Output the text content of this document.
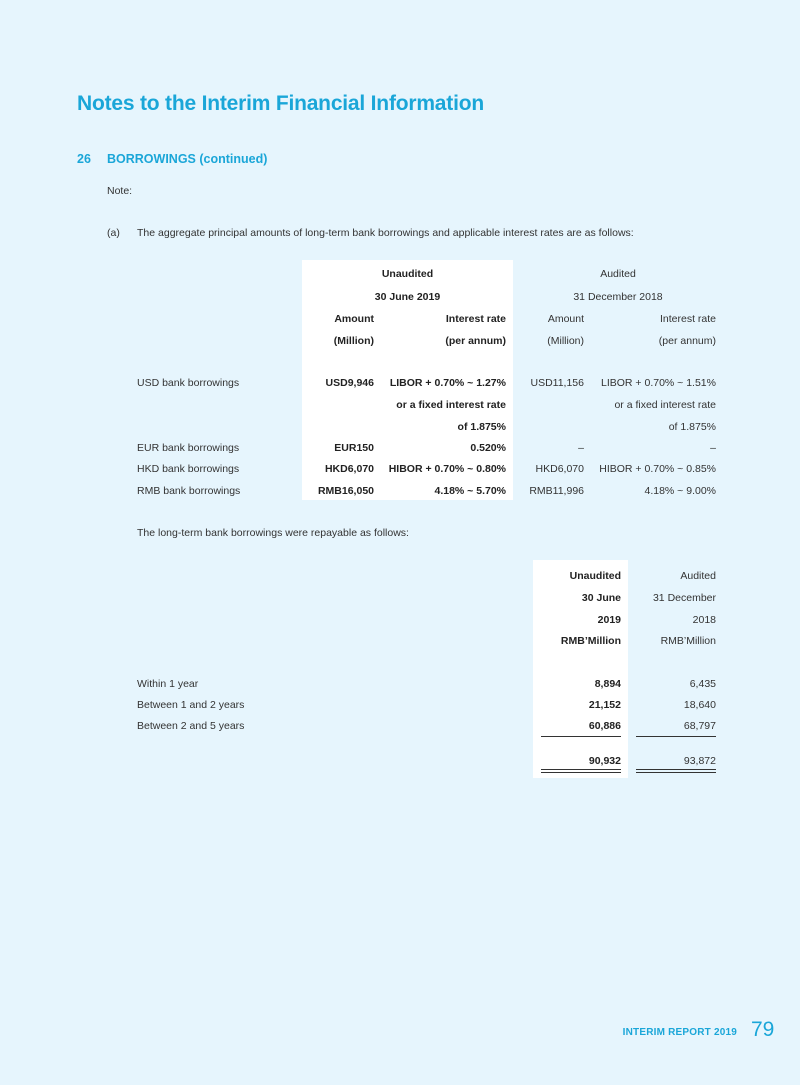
Notes to the Interim Financial Information
26 BORROWINGS (continued)
Note:
(a) The aggregate principal amounts of long-term bank borrowings and applicable interest rates are as follows:
Unaudited	Audited
30 June 2019	31 December 2018
Amount	Interest rate	Amount	Interest rate
(Million)	(per annum)	(Million)	(per annum)
USD bank borrowings	USD9,946	LIBOR + 0.70% ~ 1.27%	USD11,156	LIBOR + 0.70% ~ 1.51%
or a fixed interest rate	or a fixed interest rate
of 1.875%	of 1.875%
EUR bank borrowings	EUR150	0.520%	–	–
HKD bank borrowings	HKD6,070	HIBOR + 0.70% ~ 0.80%	HKD6,070	HIBOR + 0.70% ~ 0.85%
RMB bank borrowings	RMB16,050	4.18% ~ 5.70%	RMB11,996	4.18% ~ 9.00%
The long-term bank borrowings were repayable as follows:
Unaudited	Audited
30 June	31 December
2019	2018
RMB’Million	RMB’Million
Within 1 year	8,894	6,435
Between 1 and 2 years	21,152	18,640
Between 2 and 5 years	60,886	68,797
90,932	93,872
INTERIM REPORT 2019 79
